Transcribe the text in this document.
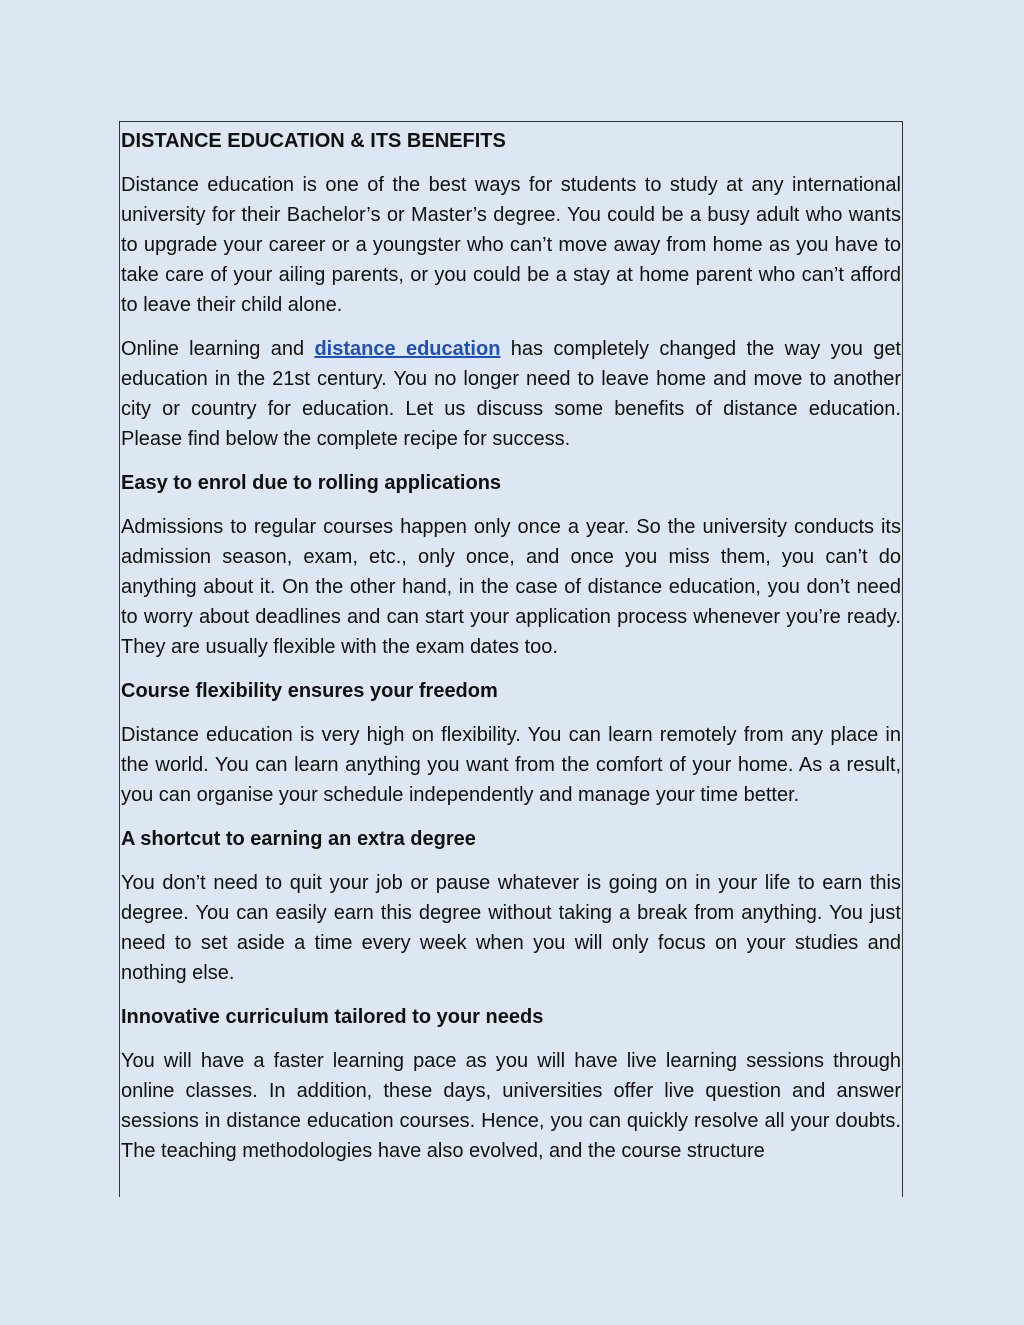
DISTANCE EDUCATION & ITS BENEFITS

Distance education is one of the best ways for students to study at any international university for their Bachelor’s or Master’s degree. You could be a busy adult who wants to upgrade your career or a youngster who can’t move away from home as you have to take care of your ailing parents, or you could be a stay at home parent who can’t afford to leave their child alone.

Online learning and distance education has completely changed the way you get education in the 21st century. You no longer need to leave home and move to another city or country for education. Let us discuss some benefits of distance education. Please find below the complete recipe for success.

Easy to enrol due to rolling applications

Admissions to regular courses happen only once a year. So the university conducts its admission season, exam, etc., only once, and once you miss them, you can’t do anything about it. On the other hand, in the case of distance education, you don’t need to worry about deadlines and can start your application process whenever you’re ready. They are usually flexible with the exam dates too.

Course flexibility ensures your freedom

Distance education is very high on flexibility. You can learn remotely from any place in the world. You can learn anything you want from the comfort of your home. As a result, you can organise your schedule independently and manage your time better.

A shortcut to earning an extra degree

You don’t need to quit your job or pause whatever is going on in your life to earn this degree. You can easily earn this degree without taking a break from anything. You just need to set aside a time every week when you will only focus on your studies and nothing else.

Innovative curriculum tailored to your needs

You will have a faster learning pace as you will have live learning sessions through online classes. In addition, these days, universities offer live question and answer sessions in distance education courses. Hence, you can quickly resolve all your doubts. The teaching methodologies have also evolved, and the course structure
